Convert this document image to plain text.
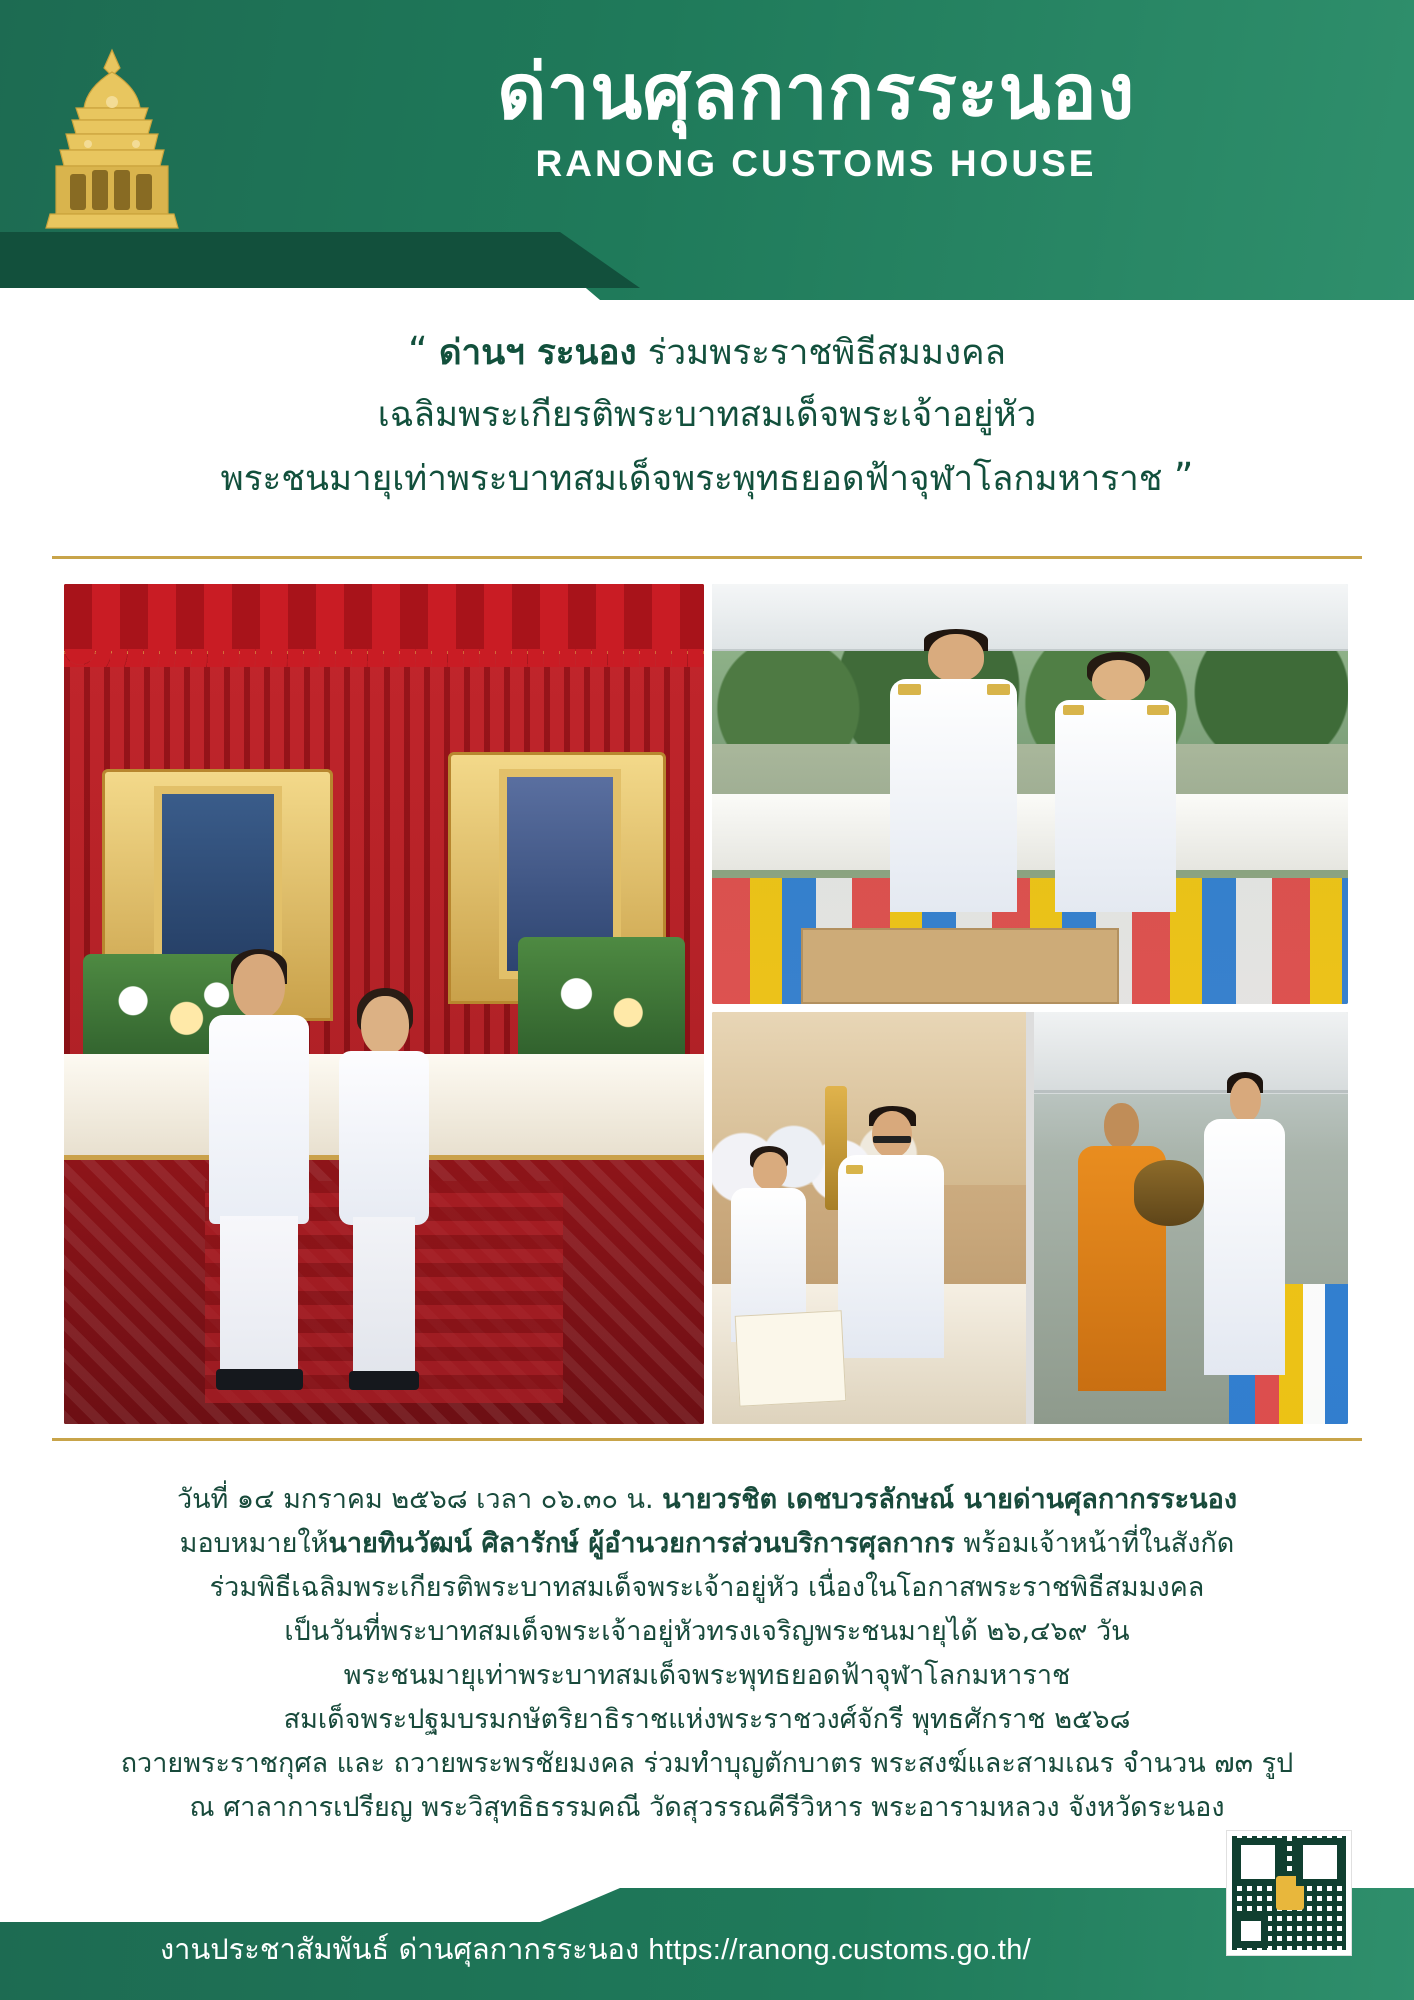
ด่านศุลกากรระนอง
RANONG CUSTOMS HOUSE
“ ด่านฯ ระนอง ร่วมพระราชพิธีสมมงคล
เฉลิมพระเกียรติพระบาทสมเด็จพระเจ้าอยู่หัว
พระชนมายุเท่าพระบาทสมเด็จพระพุทธยอดฟ้าจุฬาโลกมหาราช ”

วันที่ ๑๔ มกราคม ๒๕๖๘ เวลา ๐๖.๓๐ น. นายวรชิต เดชบวรลักษณ์ นายด่านศุลกากรระนอง

มอบหมายให้นายทินวัฒน์ ศิลารักษ์ ผู้อำนวยการส่วนบริการศุลกากร พร้อมเจ้าหน้าที่ในสังกัด

ร่วมพิธีเฉลิมพระเกียรติพระบาทสมเด็จพระเจ้าอยู่หัว เนื่องในโอกาสพระราชพิธีสมมงคล

เป็นวันที่พระบาทสมเด็จพระเจ้าอยู่หัวทรงเจริญพระชนมายุได้ ๒๖,๔๖๙ วัน

พระชนมายุเท่าพระบาทสมเด็จพระพุทธยอดฟ้าจุฬาโลกมหาราช

สมเด็จพระปฐมบรมกษัตริยาธิราชแห่งพระราชวงศ์จักรี พุทธศักราช ๒๕๖๘

ถวายพระราชกุศล และ ถวายพระพรชัยมงคล ร่วมทำบุญตักบาตร พระสงฆ์และสามเณร จำนวน ๗๓ รูป

ณ ศาลาการเปรียญ พระวิสุทธิธรรมคณี วัดสุวรรณคีรีวิหาร พระอารามหลวง จังหวัดระนอง

งานประชาสัมพันธ์ ด่านศุลกากรระนอง https://ranong.customs.go.th/
